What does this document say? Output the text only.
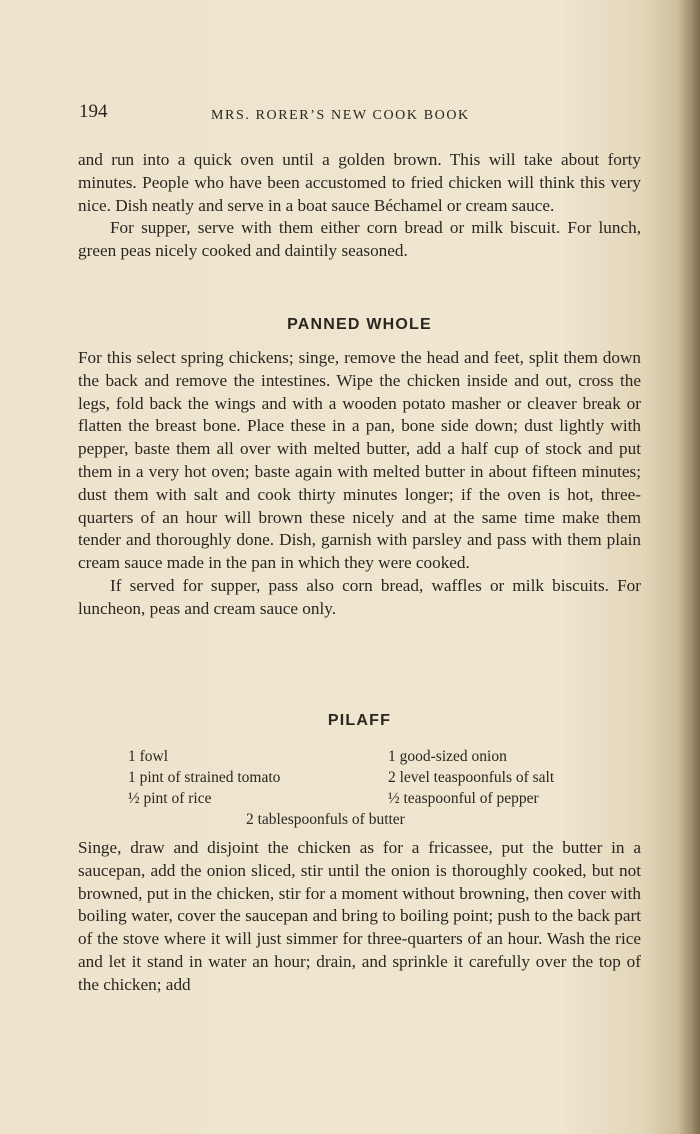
194	MRS. RORER’S NEW COOK BOOK

and run into a quick oven until a golden brown. This will take about forty minutes. People who have been accustomed to fried chicken will think this very nice. Dish neatly and serve in a boat sauce Béchamel or cream sauce.

For supper, serve with them either corn bread or milk biscuit. For lunch, green peas nicely cooked and daintily seasoned.

PANNED WHOLE

For this select spring chickens; singe, remove the head and feet, split them down the back and remove the intestines. Wipe the chicken inside and out, cross the legs, fold back the wings and with a wooden potato masher or cleaver break or flatten the breast bone. Place these in a pan, bone side down; dust lightly with pepper, baste them all over with melted butter, add a half cup of stock and put them in a very hot oven; baste again with melted butter in about fifteen minutes; dust them with salt and cook thirty minutes longer; if the oven is hot, three-quarters of an hour will brown these nicely and at the same time make them tender and thoroughly done. Dish, garnish with parsley and pass with them plain cream sauce made in the pan in which they were cooked.

If served for supper, pass also corn bread, waffles or milk biscuits. For luncheon, peas and cream sauce only.

PILAFF
1 fowl	1 good-sized onion
1 pint of strained tomato	2 level teaspoonfuls of salt
½ pint of rice	½ teaspoonful of pepper
2 tablespoonfuls of butter

Singe, draw and disjoint the chicken as for a fricassee, put the butter in a saucepan, add the onion sliced, stir until the onion is thoroughly cooked, but not browned, put in the chicken, stir for a moment without browning, then cover with boiling water, cover the saucepan and bring to boiling point; push to the back part of the stove where it will just simmer for three-quarters of an hour. Wash the rice and let it stand in water an hour; drain, and sprinkle it carefully over the top of the chicken; add
